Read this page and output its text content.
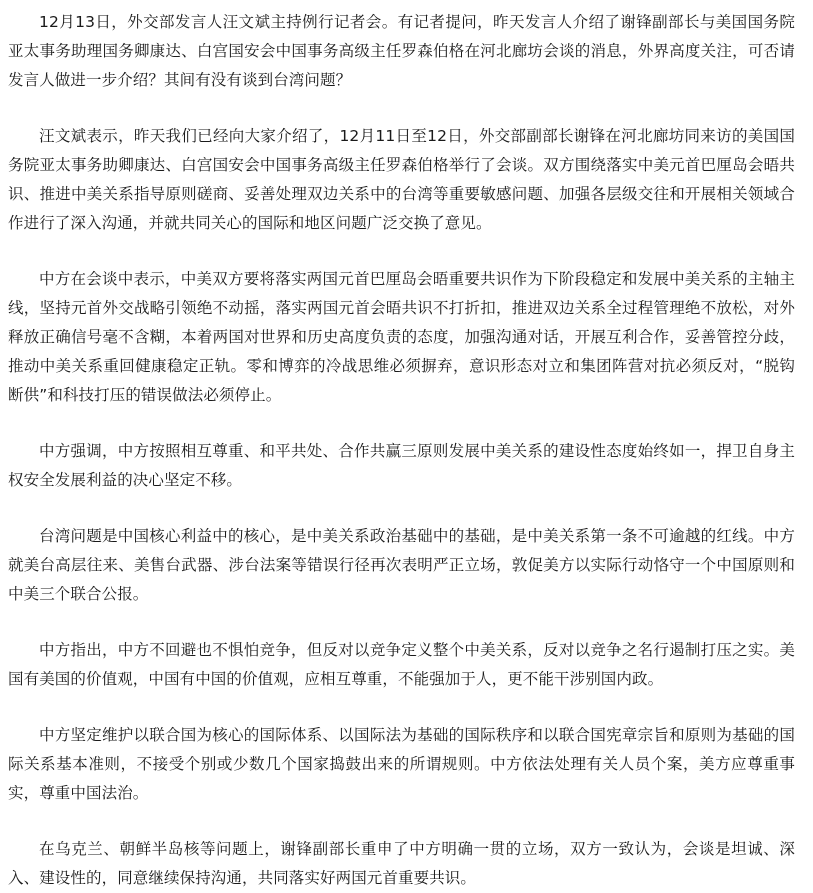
12月13日，外交部发言人汪文斌主持例行记者会。有记者提问，昨天发言人介绍了谢锋副部长与美国国务院亚太事务助理国务卿康达、白宫国安会中国事务高级主任罗森伯格在河北廊坊会谈的消息，外界高度关注，可否请发言人做进一步介绍？其间有没有谈到台湾问题？

汪文斌表示，昨天我们已经向大家介绍了，12月11日至12日，外交部副部长谢锋在河北廊坊同来访的美国国务院亚太事务助卿康达、白宫国安会中国事务高级主任罗森伯格举行了会谈。双方围绕落实中美元首巴厘岛会晤共识、推进中美关系指导原则磋商、妥善处理双边关系中的台湾等重要敏感问题、加强各层级交往和开展相关领域合作进行了深入沟通，并就共同关心的国际和地区问题广泛交换了意见。

中方在会谈中表示，中美双方要将落实两国元首巴厘岛会晤重要共识作为下阶段稳定和发展中美关系的主轴主线，坚持元首外交战略引领绝不动摇，落实两国元首会晤共识不打折扣，推进双边关系全过程管理绝不放松，对外释放正确信号毫不含糊，本着两国对世界和历史高度负责的态度，加强沟通对话，开展互利合作，妥善管控分歧，推动中美关系重回健康稳定正轨。零和博弈的冷战思维必须摒弃，意识形态对立和集团阵营对抗必须反对，“脱钩断供”和科技打压的错误做法必须停止。

中方强调，中方按照相互尊重、和平共处、合作共赢三原则发展中美关系的建设性态度始终如一，捍卫自身主权安全发展利益的决心坚定不移。

台湾问题是中国核心利益中的核心，是中美关系政治基础中的基础，是中美关系第一条不可逾越的红线。中方就美台高层往来、美售台武器、涉台法案等错误行径再次表明严正立场，敦促美方以实际行动恪守一个中国原则和中美三个联合公报。

中方指出，中方不回避也不惧怕竞争，但反对以竞争定义整个中美关系，反对以竞争之名行遏制打压之实。美国有美国的价值观，中国有中国的价值观，应相互尊重，不能强加于人，更不能干涉别国内政。

中方坚定维护以联合国为核心的国际体系、以国际法为基础的国际秩序和以联合国宪章宗旨和原则为基础的国际关系基本准则，不接受个别或少数几个国家捣鼓出来的所谓规则。中方依法处理有关人员个案，美方应尊重事实，尊重中国法治。

在乌克兰、朝鲜半岛核等问题上，谢锋副部长重申了中方明确一贯的立场，双方一致认为，会谈是坦诚、深入、建设性的，同意继续保持沟通，共同落实好两国元首重要共识。
